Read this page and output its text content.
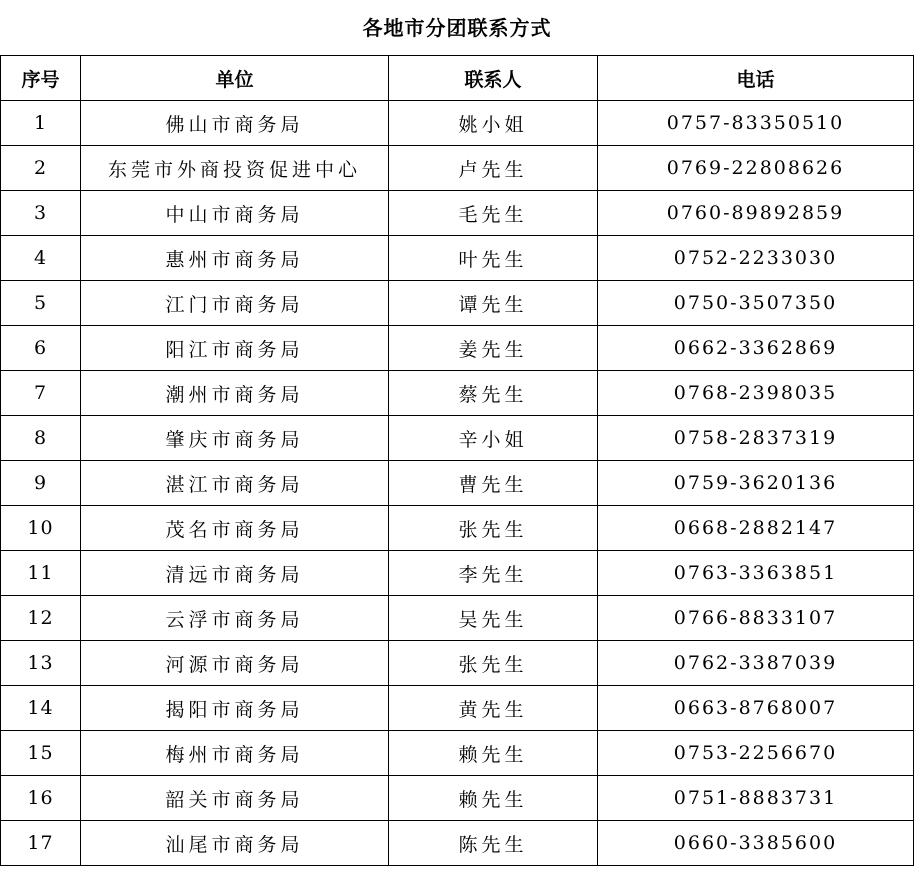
各地市分团联系方式
序号	单位	联系人	电话
1	佛山市商务局	姚小姐	0757-83350510
2	东莞市外商投资促进中心	卢先生	0769-22808626
3	中山市商务局	毛先生	0760-89892859
4	惠州市商务局	叶先生	0752-2233030
5	江门市商务局	谭先生	0750-3507350
6	阳江市商务局	姜先生	0662-3362869
7	潮州市商务局	蔡先生	0768-2398035
8	肇庆市商务局	辛小姐	0758-2837319
9	湛江市商务局	曹先生	0759-3620136
10	茂名市商务局	张先生	0668-2882147
11	清远市商务局	李先生	0763-3363851
12	云浮市商务局	吴先生	0766-8833107
13	河源市商务局	张先生	0762-3387039
14	揭阳市商务局	黄先生	0663-8768007
15	梅州市商务局	赖先生	0753-2256670
16	韶关市商务局	赖先生	0751-8883731
17	汕尾市商务局	陈先生	0660-3385600
